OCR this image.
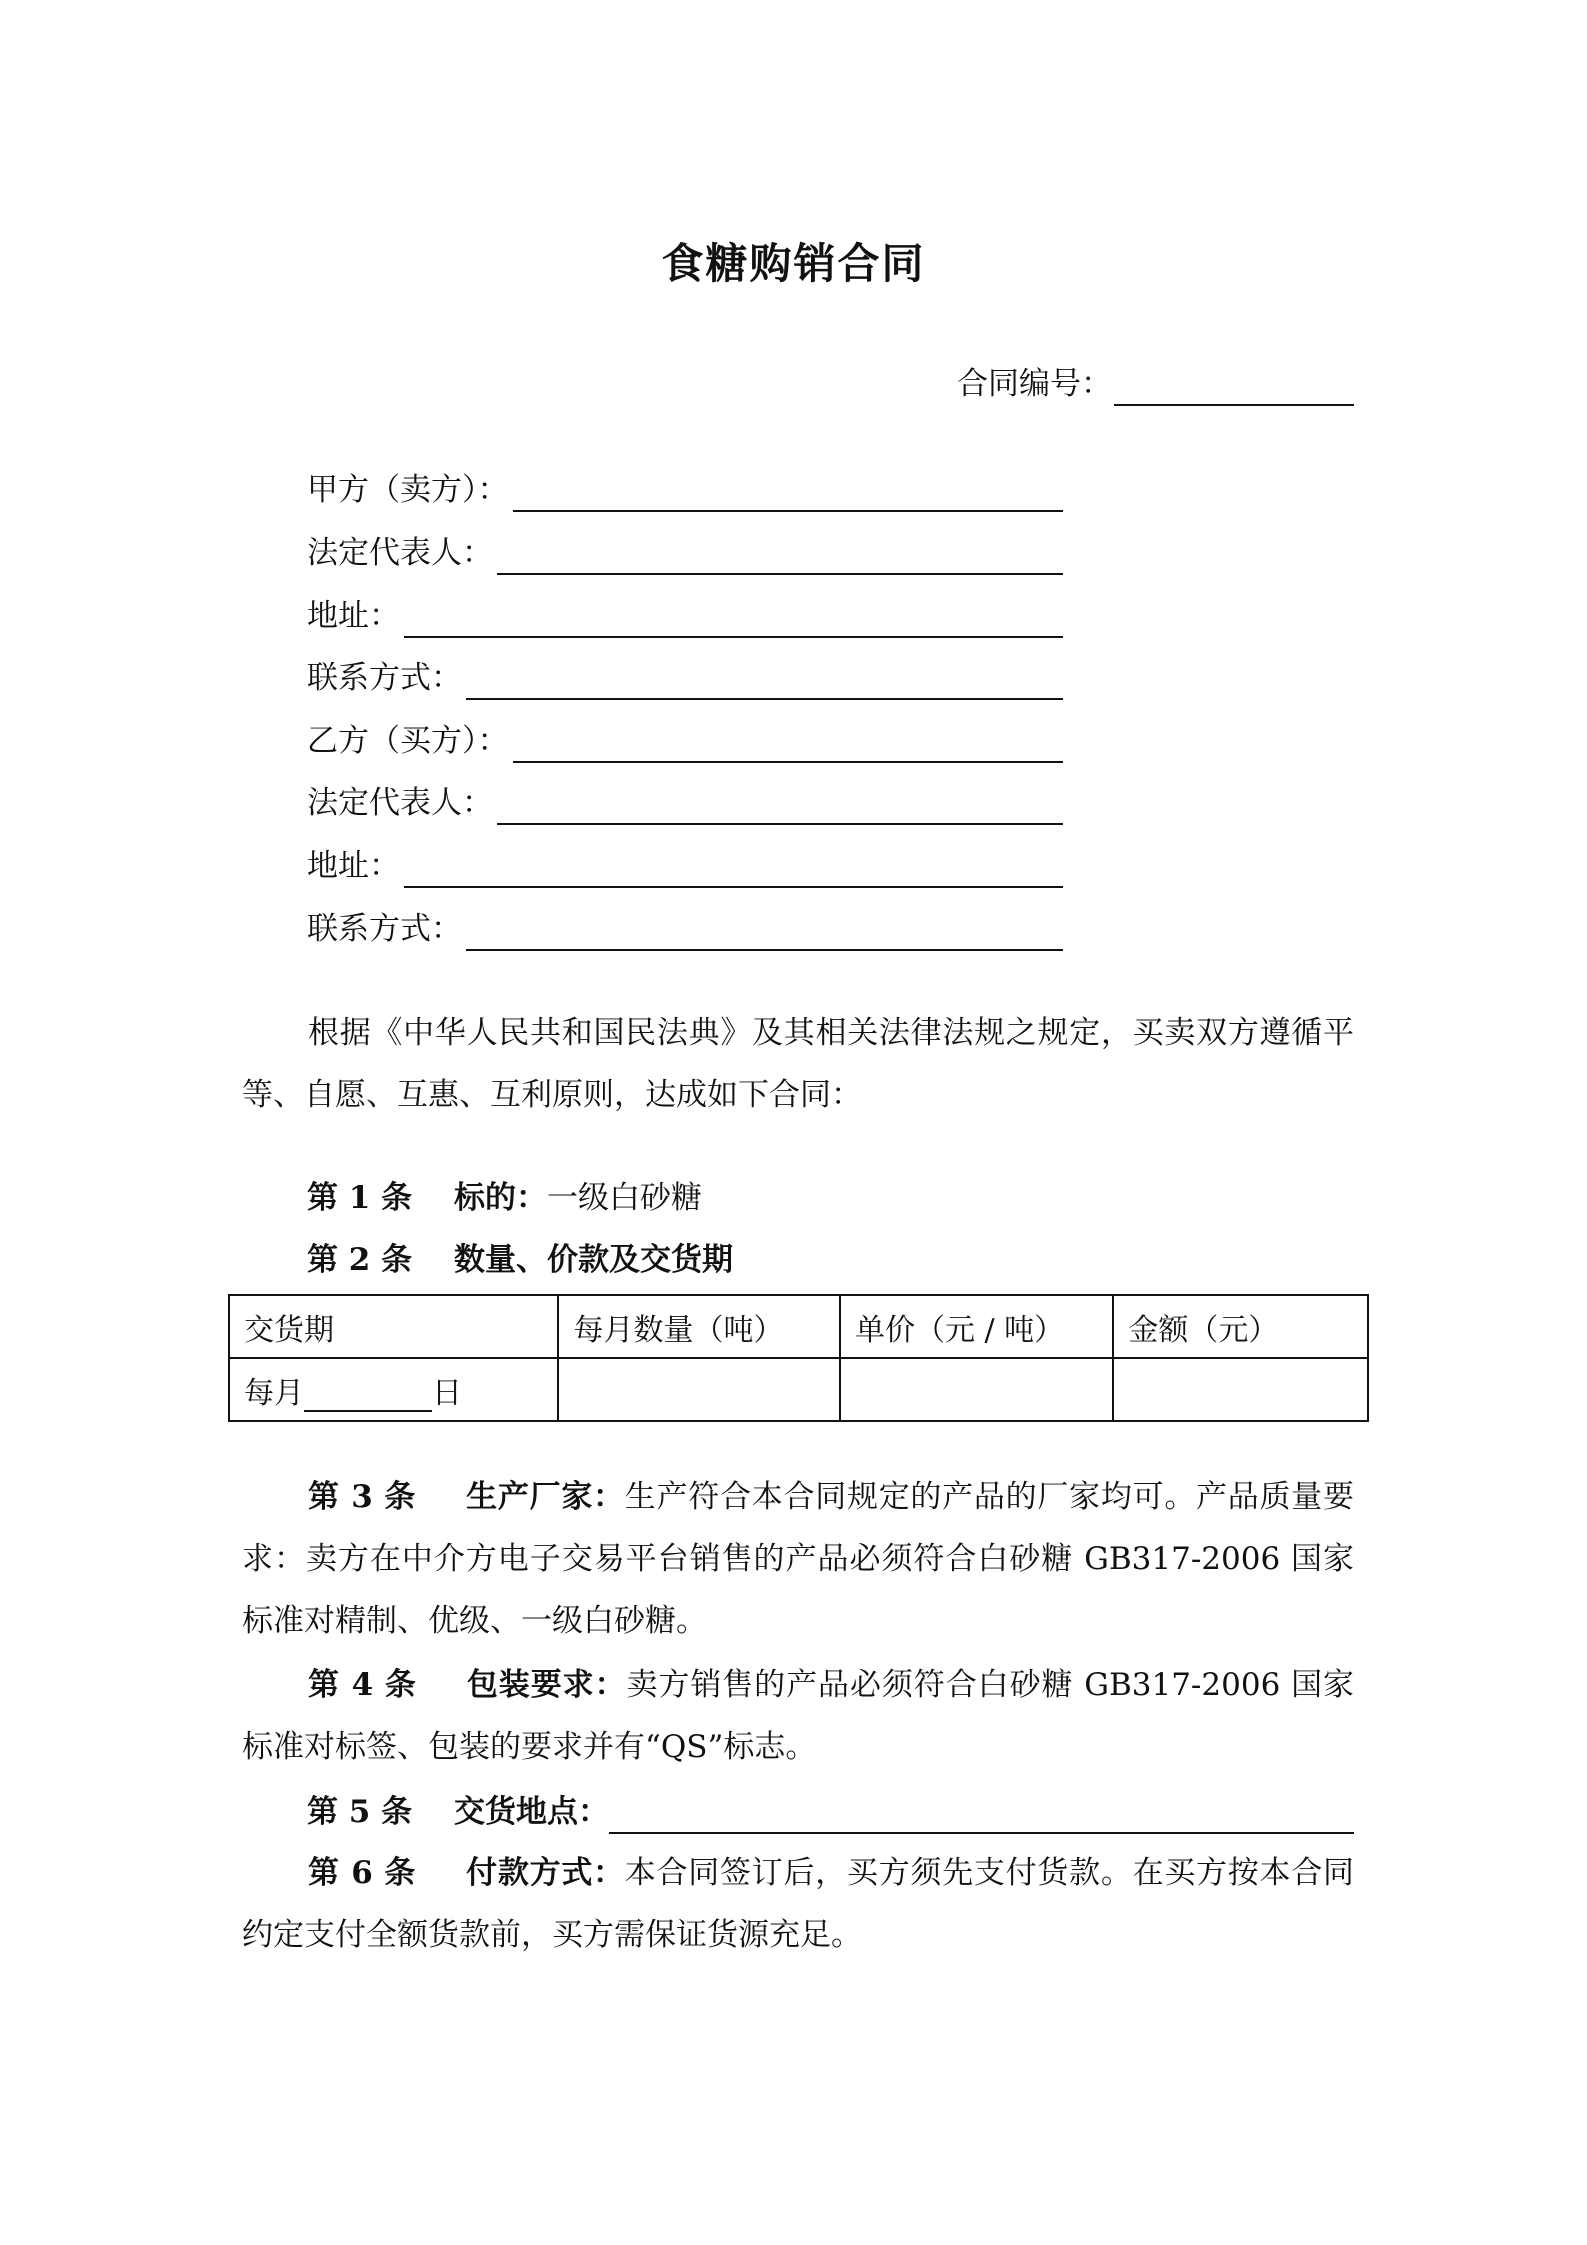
食糖购销合同
合同编号：
甲方（卖方）：
法定代表人：
地址：
联系方式：
乙方（买方）：
法定代表人：
地址：
联系方式：

根据《中华人民共和国民法典》及其相关法律法规之规定，买卖双方遵循平等、自愿、互惠、互利原则，达成如下合同：

第 1 条 标的：一级白砂糖
第 2 条 数量、价款及交货期
交货期	每月数量（吨）	单价（元 / 吨）	金额（元）
每月 日			

第 3 条 生产厂家：生产符合本合同规定的产品的厂家均可。产品质量要求：卖方在中介方电子交易平台销售的产品必须符合白砂糖 GB317-2006 国家标准对精制、优级、一级白砂糖。

第 4 条 包装要求：卖方销售的产品必须符合白砂糖 GB317-2006 国家标准对标签、包装的要求并有“QS”标志。

第 5 条	交货地点：

第 6 条 付款方式：本合同签订后，买方须先支付货款。在买方按本合同约定支付全额货款前，买方需保证货源充足。
